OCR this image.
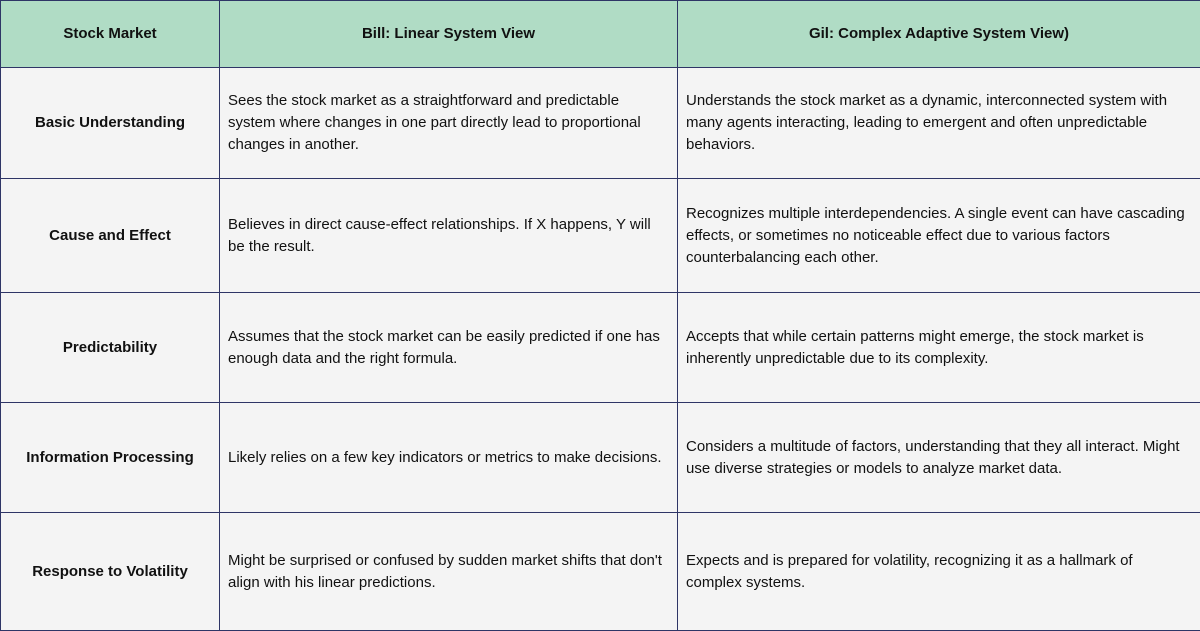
Stock Market	Bill: Linear System View	Gil: Complex Adaptive System View)
Basic Understanding	Sees the stock market as a straightforward and predictable system where changes in one part directly lead to proportional changes in another.	Understands the stock market as a dynamic, interconnected system with many agents interacting, leading to emergent and often unpredictable behaviors.
Cause and Effect	Believes in direct cause-effect relationships. If X happens, Y will be the result.	Recognizes multiple interdependencies. A single event can have cascading effects, or sometimes no noticeable effect due to various factors counterbalancing each other.
Predictability	Assumes that the stock market can be easily predicted if one has enough data and the right formula.	Accepts that while certain patterns might emerge, the stock market is inherently unpredictable due to its complexity.
Information Processing	Likely relies on a few key indicators or metrics to make decisions.	Considers a multitude of factors, understanding that they all interact. Might use diverse strategies or models to analyze market data.
Response to Volatility	Might be surprised or confused by sudden market shifts that don't align with his linear predictions.	Expects and is prepared for volatility, recognizing it as a hallmark of complex systems.
